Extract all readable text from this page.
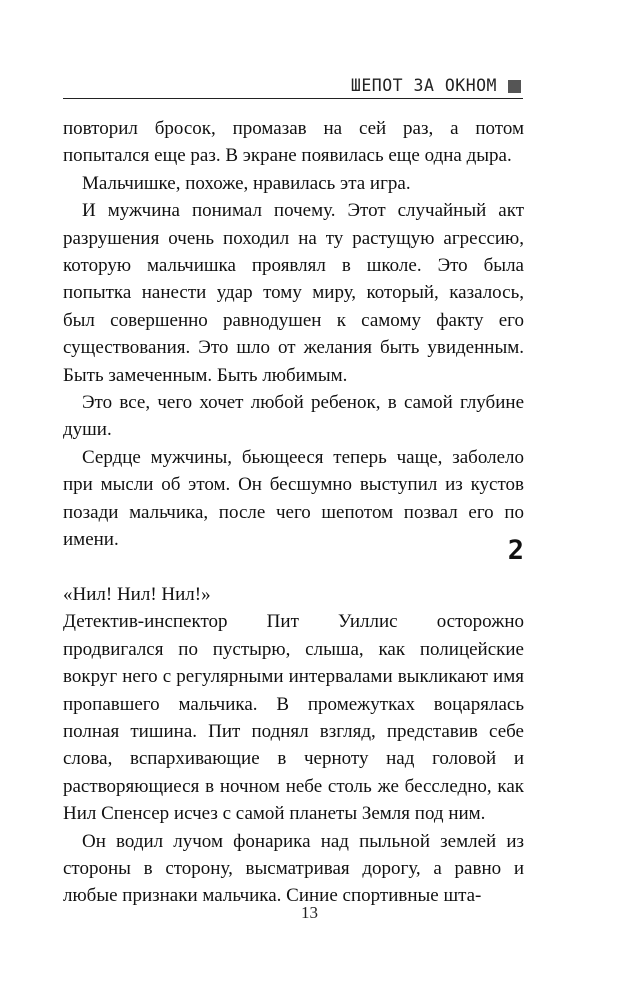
ШЕПОТ ЗА ОКНОМ

повторил бросок, промазав на сей раз, а потом попытался еще раз. В экране появилась еще одна дыра.

Мальчишке, похоже, нравилась эта игра.

И мужчина понимал почему. Этот случайный акт разрушения очень походил на ту растущую агрессию, которую мальчишка проявлял в школе. Это была попытка нанести удар тому миру, который, казалось, был совершенно равнодушен к самому факту его существования. Это шло от желания быть увиденным. Быть замеченным. Быть любимым.

Это все, чего хочет любой ребенок, в самой глубине души.

Сердце мужчины, бьющееся теперь чаще, заболело при мысли об этом. Он бесшумно выступил из кустов позади мальчика, после чего шепотом позвал его по имени.	2

«Нил! Нил! Нил!»

Детектив-инспектор Пит Уиллис осторожно продвигался по пустырю, слыша, как полицейские вокруг него с регулярными интервалами выкликают имя пропавшего мальчика. В промежутках воцарялась полная тишина. Пит поднял взгляд, представив себе слова, вспархивающие в черноту над головой и растворяющиеся в ночном небе столь же бесследно, как Нил Спенсер исчез с самой планеты Земля под ним.

Он водил лучом фонарика над пыльной землей из стороны в сторону, высматривая дорогу, а равно и любые признаки мальчика. Синие спортивные шта-

13
